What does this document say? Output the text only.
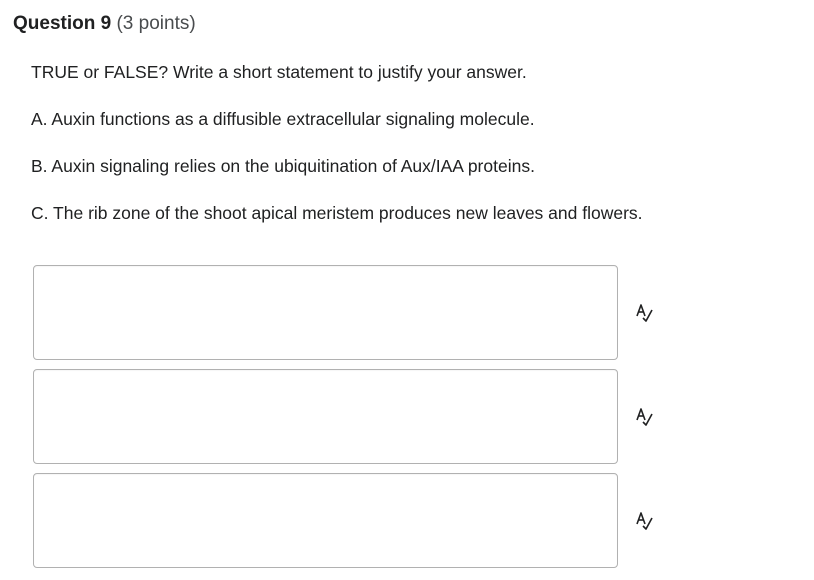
Question 9 (3 points)

TRUE or FALSE? Write a short statement to justify your answer.

A. Auxin functions as a diffusible extracellular signaling molecule.

B. Auxin signaling relies on the ubiquitination of Aux/IAA proteins.

C. The rib zone of the shoot apical meristem produces new leaves and flowers.
